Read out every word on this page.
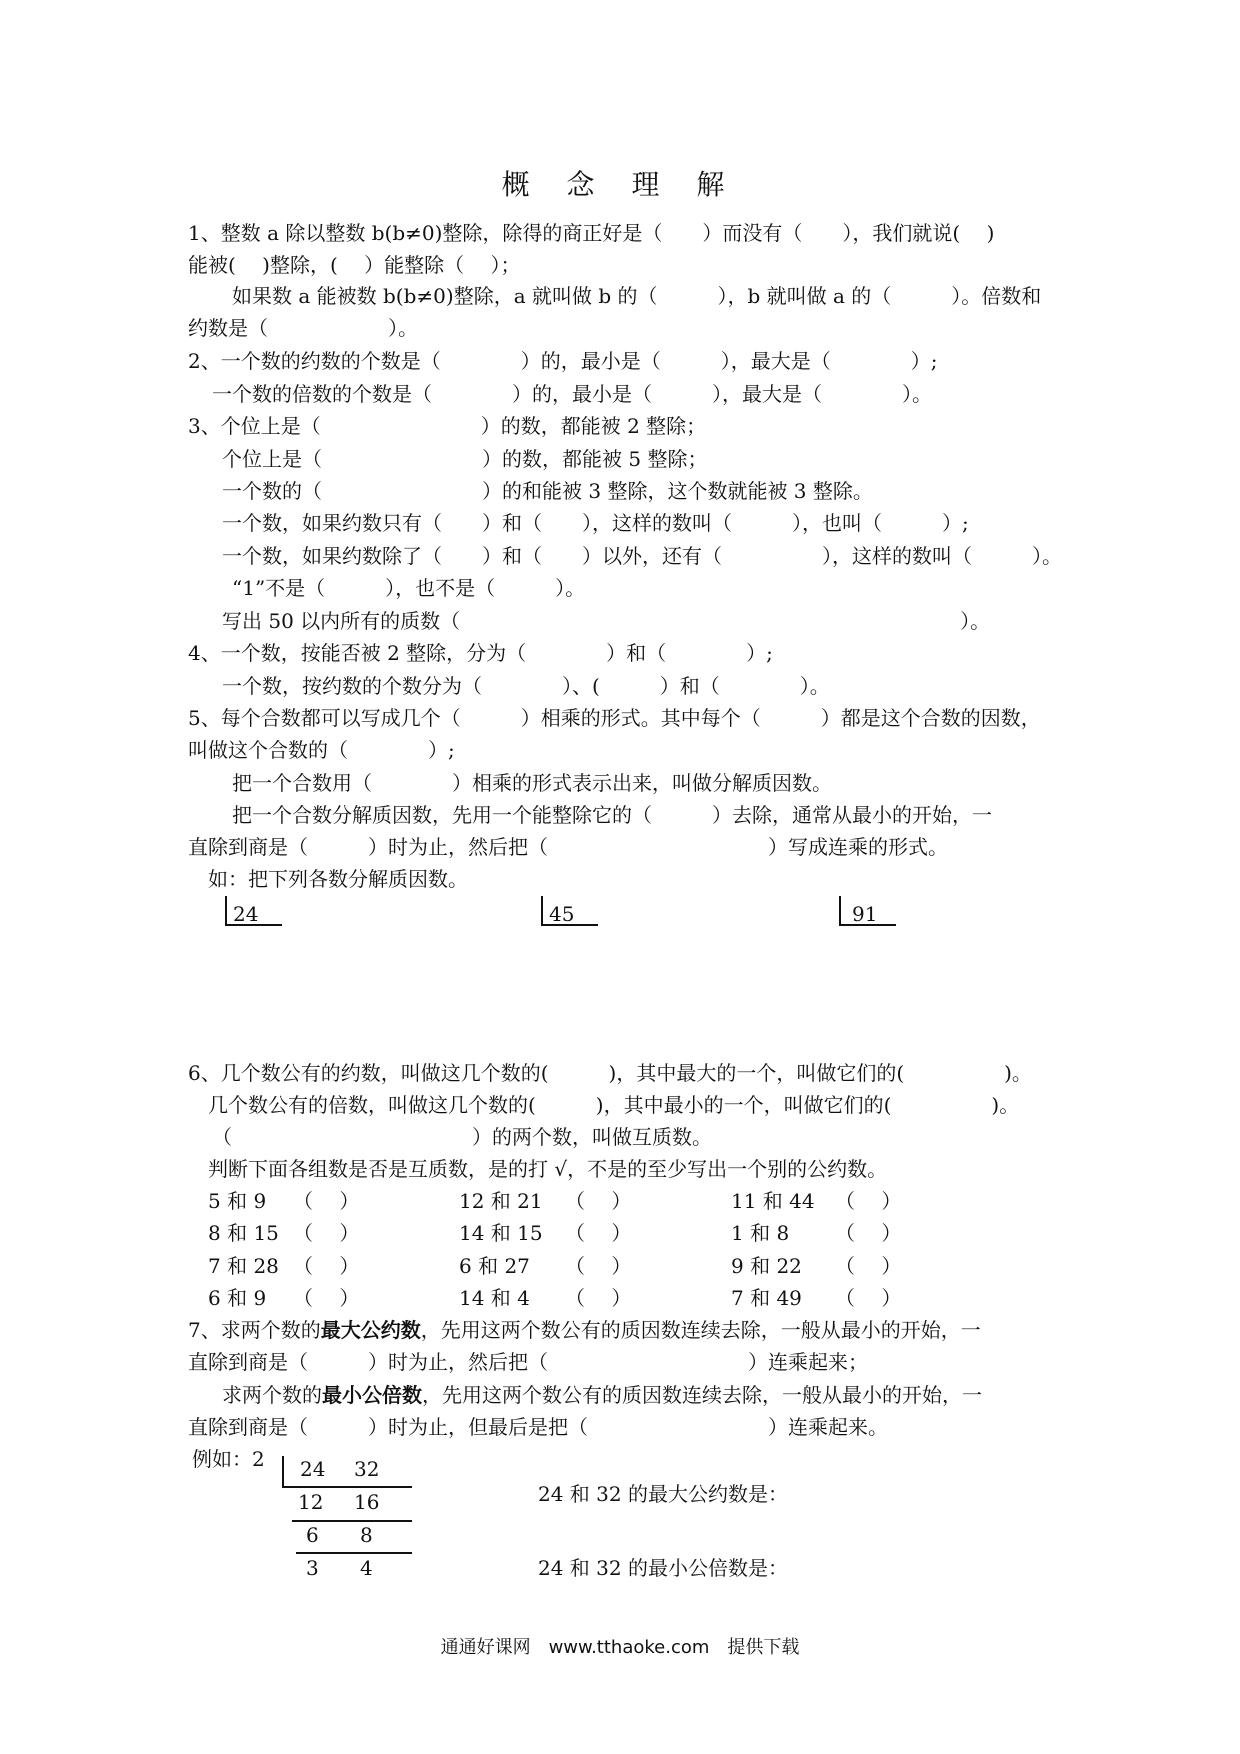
概 念 理 解
1、整数 a 除以整数 b(b≠0)整除，除得的商正好是（　　）而没有（　　），我们就说(　 )
能被(　 )整除，(　 ）能整除（　 ）；
如果数 a 能被数 b(b≠0)整除，a 就叫做 b 的（　　　），b 就叫做 a 的（　　　）。倍数和
约数是（　　　　　　）。
2、一个数的约数的个数是（　　　　）的，最小是（　　　），最大是（　　　　）;
一个数的倍数的个数是（　　　　）的，最小是（　　　），最大是（　　　　）。
3、个位上是（　　　　　　　　）的数，都能被 2 整除；
个位上是（　　　　　　　　）的数，都能被 5 整除；
一个数的（　　　　　　　　）的和能被 3 整除，这个数就能被 3 整除。
一个数，如果约数只有（　　）和（　　），这样的数叫（　　　），也叫（　　　）;
一个数，如果约数除了（　　）和（　　）以外，还有（　　　　　），这样的数叫（　　　）。
“1”不是（　　　），也不是（　　　）。
写出 50 以内所有的质数（　　　　　　　　　　　　　　　　　　　　　　　　　）。
4、一个数，按能否被 2 整除，分为（　　　　）和（　　　　）;
一个数，按约数的个数分为（　　　　）、(　　　）和（　　　　）。
5、每个合数都可以写成几个（　　　）相乘的形式。其中每个（　　　）都是这个合数的因数，
叫做这个合数的（　　　　）;
把一个合数用（　　　　）相乘的形式表示出来，叫做分解质因数。
把一个合数分解质因数，先用一个能整除它的（　　　）去除，通常从最小的开始，一
直除到商是（　　　）时为止，然后把（　　　　　　　　　　　）写成连乘的形式。
如：把下列各数分解质因数。
24	45	91
6、几个数公有的约数，叫做这几个数的(　　　)，其中最大的一个，叫做它们的(　　　　　)。
几个数公有的倍数，叫做这几个数的(　　　)，其中最小的一个，叫做它们的(　　　　　)。
（　　　　　　　　　　　　）的两个数，叫做互质数。
判断下面各组数是否是互质数，是的打 √，不是的至少写出一个别的公约数。
5 和 9 （　 ）	12 和 21 （　 ）	11 和 44 （　 ）
8 和 15 （　 ）	14 和 15 （　 ）	1 和 8 （　 ）
7 和 28 （　 ）	6 和 27 （　 ）	9 和 22 （　 ）
6 和 9 （　 ）	14 和 4 （　 ）	7 和 49 （　 ）
7、求两个数的最大公约数，先用这两个数公有的质因数连续去除，一般从最小的开始，一
直除到商是（　　　）时为止，然后把（　　　　　　　　　　）连乘起来；
求两个数的最小公倍数，先用这两个数公有的质因数连续去除，一般从最小的开始，一
直除到商是（　　　）时为止，但最后是把（　　　　　　　　　）连乘起来。
例如：2 24 32
12 16
6 8
3 4
24 和 32 的最大公约数是：
24 和 32 的最小公倍数是：
通通好课网　www.tthaoke.com　提供下载
